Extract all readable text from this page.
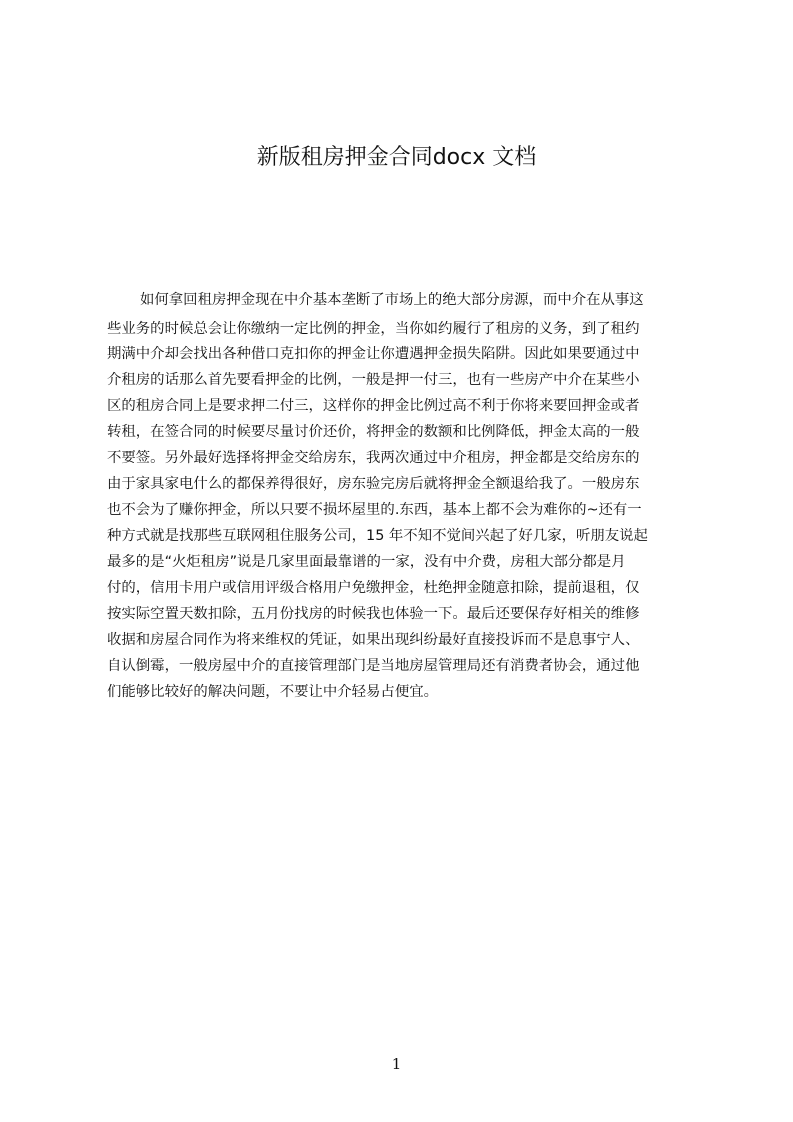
新版租房押金合同docx 文档
如何拿回租房押金现在中介基本垄断了市场上的绝大部分房源，而中介在从事这
些业务的时候总会让你缴纳一定比例的押金，当你如约履行了租房的义务，到了租约
期满中介却会找出各种借口克扣你的押金让你遭遇押金损失陷阱。因此如果要通过中
介租房的话那么首先要看押金的比例，一般是押一付三，也有一些房产中介在某些小
区的租房合同上是要求押二付三，这样你的押金比例过高不利于你将来要回押金或者
转租，在签合同的时候要尽量讨价还价，将押金的数额和比例降低，押金太高的一般
不要签。另外最好选择将押金交给房东，我两次通过中介租房，押金都是交给房东的
由于家具家电什么的都保养得很好，房东验完房后就将押金全额退给我了。一般房东
也不会为了赚你押金，所以只要不损坏屋里的.东西，基本上都不会为难你的~还有一
种方式就是找那些互联网租住服务公司，15 年不知不觉间兴起了好几家，听朋友说起
最多的是“火炬租房”说是几家里面最靠谱的一家，没有中介费，房租大部分都是月
付的，信用卡用户或信用评级合格用户免缴押金，杜绝押金随意扣除，提前退租，仅
按实际空置天数扣除，五月份找房的时候我也体验一下。最后还要保存好相关的维修
收据和房屋合同作为将来维权的凭证，如果出现纠纷最好直接投诉而不是息事宁人、
自认倒霉，一般房屋中介的直接管理部门是当地房屋管理局还有消费者协会，通过他
们能够比较好的解决问题，不要让中介轻易占便宜。
1
